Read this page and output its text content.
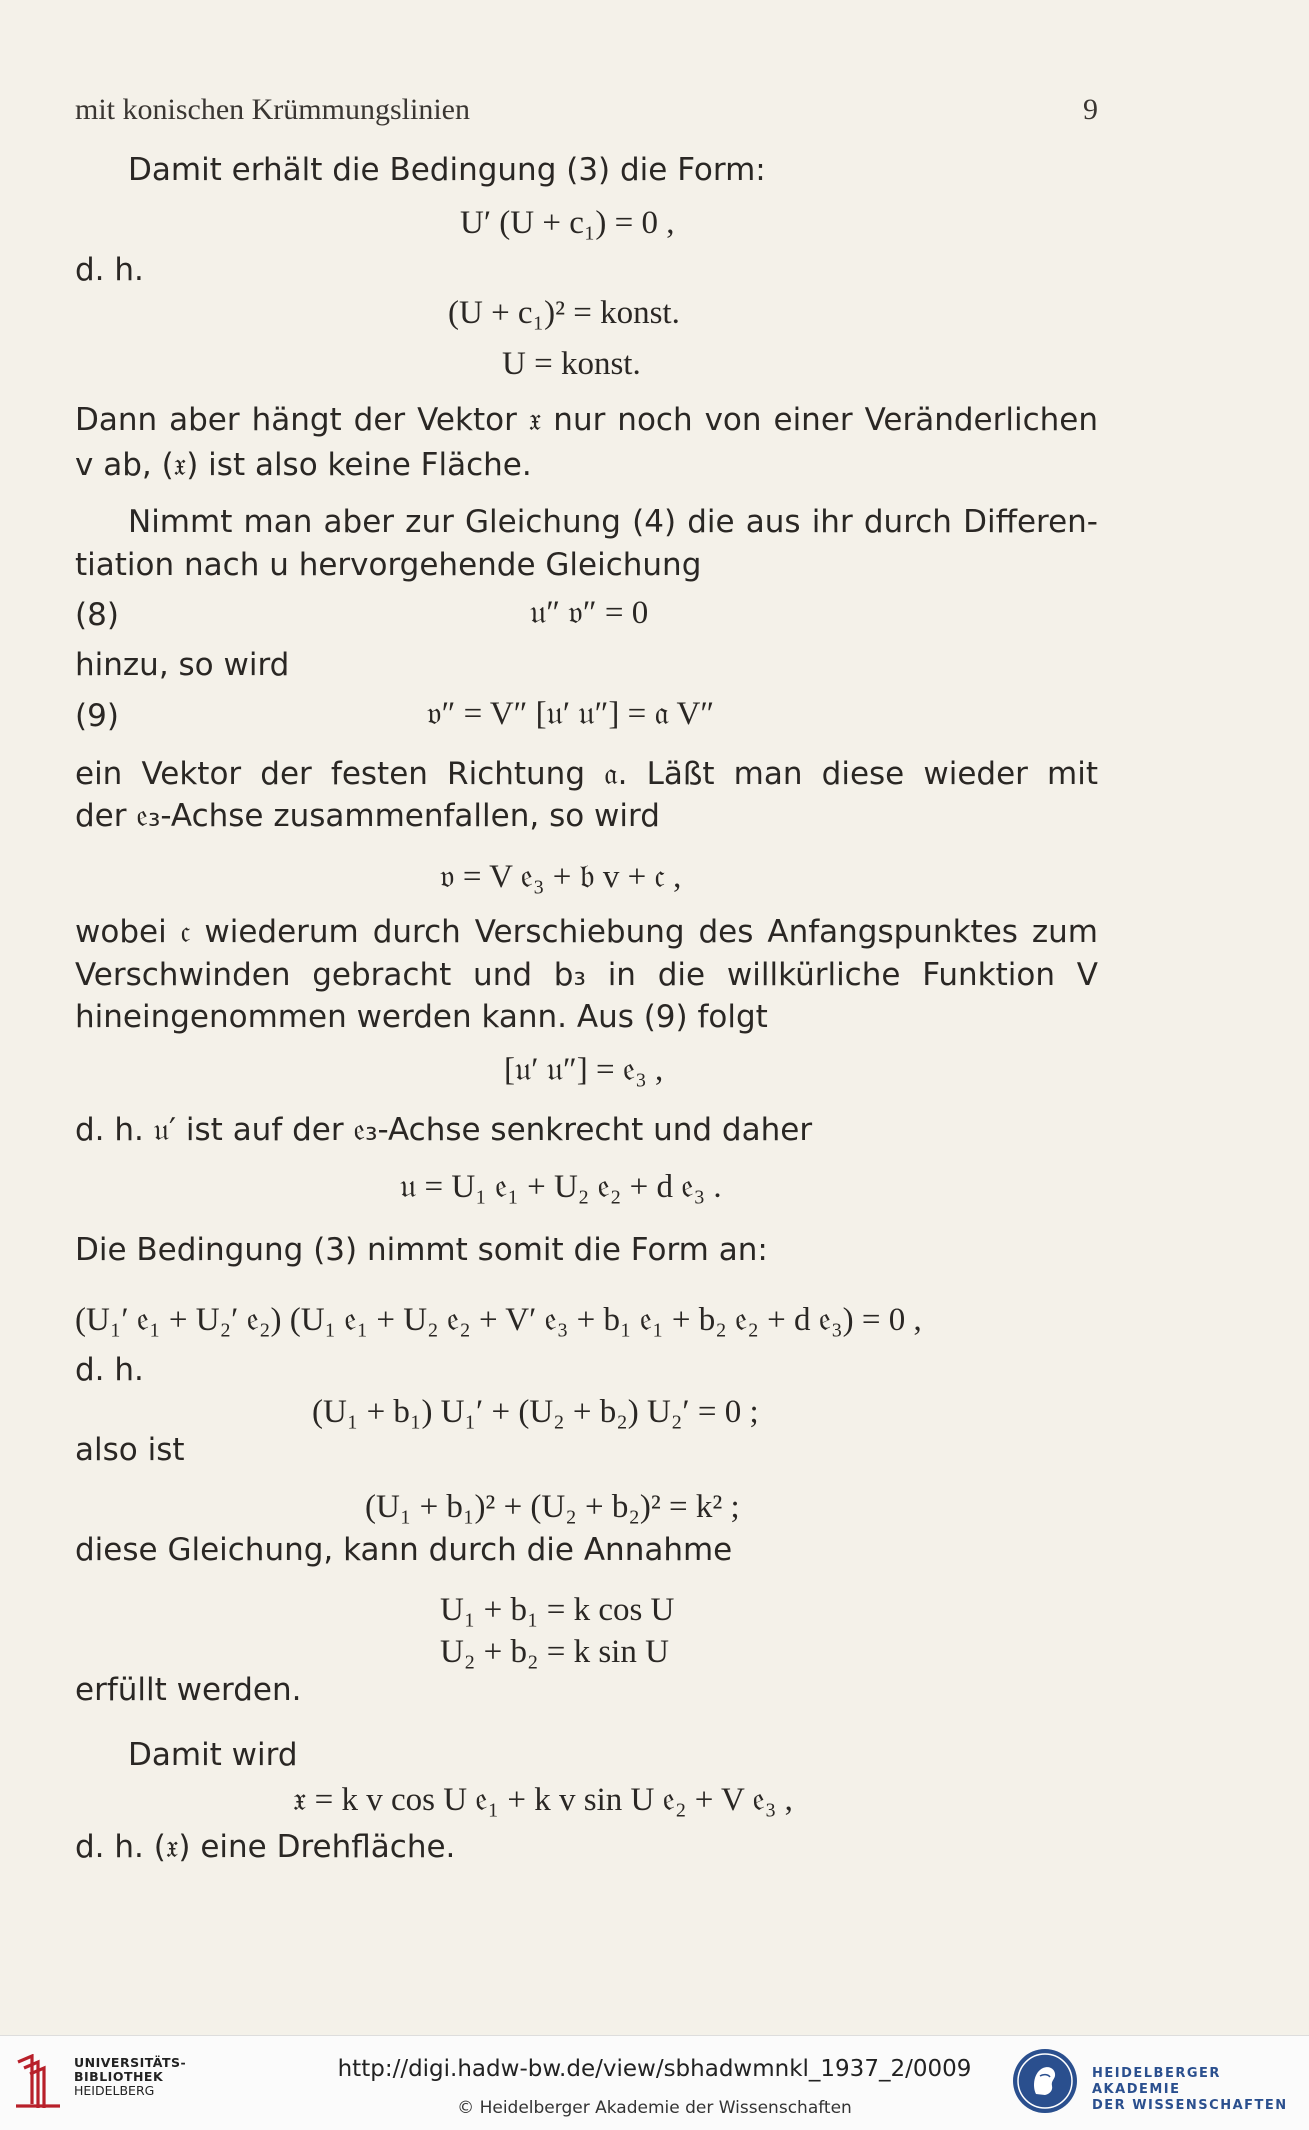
mit konischen Krümmungslinien	9
Damit erhält die Bedingung (3) die Form:
U′ (U + c₁) = 0 ,
d. h.
(U + c₁)² = konst.
U = konst.
Dann aber hängt der Vektor 𝔵 nur noch von einer Veränderlichen
v ab, (𝔵) ist also keine Fläche.
Nimmt man aber zur Gleichung (4) die aus ihr durch Differen-
tiation nach u hervorgehende Gleichung
(8)	𝔲″ 𝔳″ = 0
hinzu, so wird
(9)	𝔳″ = V″ [𝔲′ 𝔲″] = 𝔞 V″
ein Vektor der festen Richtung 𝔞. Läßt man diese wieder mit
der 𝔢₃-Achse zusammenfallen, so wird
𝔳 = V 𝔢₃ + 𝔟 v + 𝔠 ,
wobei 𝔠 wiederum durch Verschiebung des Anfangspunktes zum
Verschwinden gebracht und b₃ in die willkürliche Funktion V
hineingenommen werden kann. Aus (9) folgt
[𝔲′ 𝔲″] = 𝔢₃ ,
d. h. 𝔲′ ist auf der 𝔢₃-Achse senkrecht und daher
𝔲 = U₁ 𝔢₁ + U₂ 𝔢₂ + d 𝔢₃ .
Die Bedingung (3) nimmt somit die Form an:
(U₁′ 𝔢₁ + U₂′ 𝔢₂) (U₁ 𝔢₁ + U₂ 𝔢₂ + V′ 𝔢₃ + b₁ 𝔢₁ + b₂ 𝔢₂ + d 𝔢₃) = 0 ,
d. h.
(U₁ + b₁) U₁′ + (U₂ + b₂) U₂′ = 0 ;
also ist
(U₁ + b₁)² + (U₂ + b₂)² = k² ;
diese Gleichung, kann durch die Annahme
U₁ + b₁ = k cos U
U₂ + b₂ = k sin U
erfüllt werden.
Damit wird
𝔵 = k v cos U 𝔢₁ + k v sin U 𝔢₂ + V 𝔢₃ ,
d. h. (𝔵) eine Drehfläche.
UNIVERSITÄTS-
BIBLIOTHEK
HEIDELBERG
http://digi.hadw-bw.de/view/sbhadwmnkl_1937_2/0009
© Heidelberger Akademie der Wissenschaften
HEIDELBERGER AKADEMIE
DER WISSENSCHAFTEN
